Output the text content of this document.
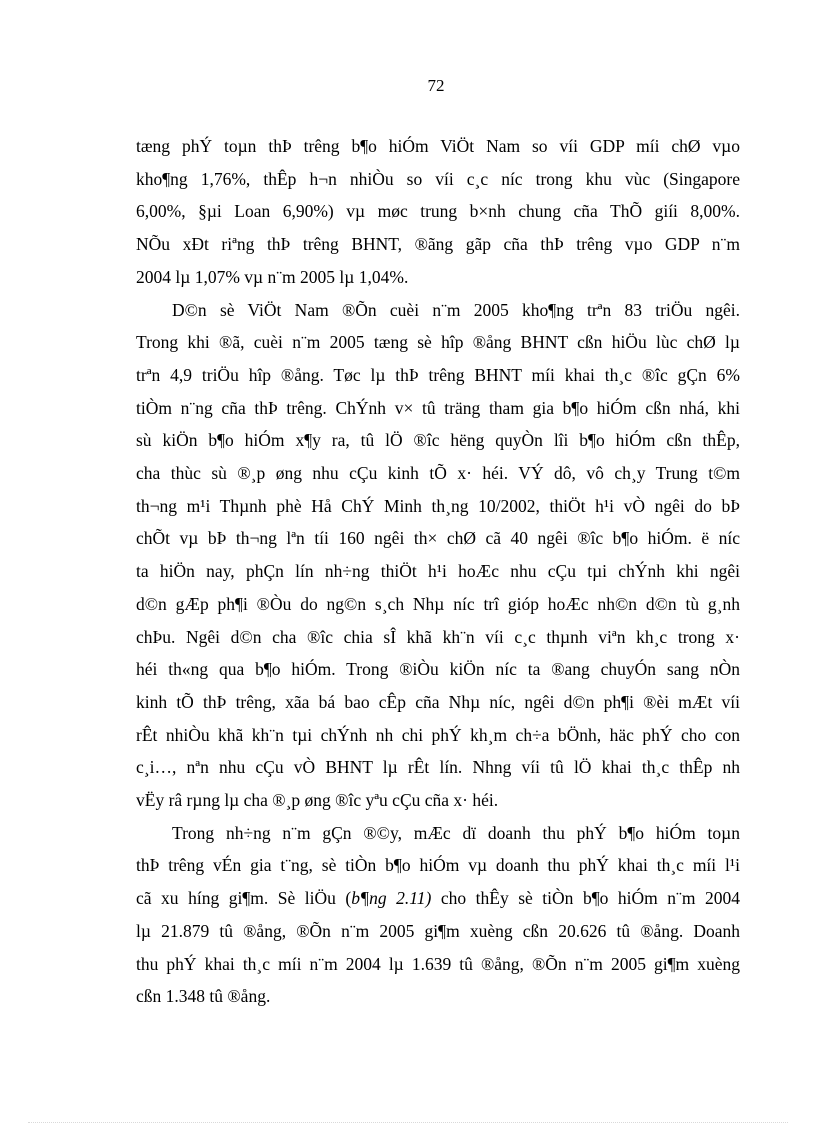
72

tæng phÝ toµn thÞ trêng b¶o hiÓm ViÖt Nam so víi GDP míi chØ vµo
kho¶ng 1,76%, thÊp h¬n nhiÒu so víi c¸c níc trong khu vùc (Singapore
6,00%, §µi Loan 6,90%) vµ møc trung b×nh chung cña ThÕ giíi 8,00%.
NÕu xÐt riªng thÞ trêng BHNT, ®ãng gãp cña thÞ trêng vµo GDP n¨m
2004 lµ 1,07% vµ n¨m 2005 lµ 1,04%.

D©n sè ViÖt Nam ®Õn cuèi n¨m 2005 kho¶ng trªn 83 triÖu ngêi.
Trong khi ®ã, cuèi n¨m 2005 tæng sè hîp ®ång BHNT cßn hiÖu lùc chØ lµ
trªn 4,9 triÖu hîp ®ång. Tøc lµ thÞ trêng BHNT míi khai th¸c ®îc gÇn 6%
tiÒm n¨ng cña thÞ trêng. ChÝnh v× tû träng tham gia b¶o hiÓm cßn nhá, khi
sù kiÖn b¶o hiÓm x¶y ra, tû lÖ ®îc hëng quyÒn lîi b¶o hiÓm cßn thÊp,
cha thùc sù ®¸p øng nhu cÇu kinh tÕ x· héi. VÝ dô, vô ch¸y Trung t©m
th¬ng m¹i Thµnh phè Hå ChÝ Minh th¸ng 10/2002, thiÖt h¹i vÒ ngêi do bÞ
chÕt vµ bÞ th¬ng lªn tíi 160 ngêi th× chØ cã 40 ngêi ®îc b¶o hiÓm. ë níc
ta hiÖn nay, phÇn lín nh÷ng thiÖt h¹i hoÆc nhu cÇu tµi chÝnh khi ngêi
d©n gÆp ph¶i ®Òu do ng©n s¸ch Nhµ níc trî gióp hoÆc nh©n d©n tù g¸nh
chÞu. Ngêi d©n cha ®îc chia sÎ khã kh¨n víi c¸c thµnh viªn kh¸c trong x·
héi th«ng qua b¶o hiÓm. Trong ®iÒu kiÖn níc ta ®ang chuyÓn sang nÒn
kinh tÕ thÞ trêng, xãa bá bao cÊp cña Nhµ níc, ngêi d©n ph¶i ®èi mÆt víi
rÊt nhiÒu khã kh¨n tµi chÝnh nh chi phÝ kh¸m ch÷a bÖnh, häc phÝ cho con
c¸i…, nªn nhu cÇu vÒ BHNT lµ rÊt lín. Nhng víi tû lÖ khai th¸c thÊp nh
vËy râ rµng lµ cha ®¸p øng ®îc yªu cÇu cña x· héi.

Trong nh÷ng n¨m gÇn ®©y, mÆc dï doanh thu phÝ b¶o hiÓm toµn
thÞ trêng vÉn gia t¨ng, sè tiÒn b¶o hiÓm vµ doanh thu phÝ khai th¸c míi l¹i
cã xu híng gi¶m. Sè liÖu (b¶ng 2.11) cho thÊy sè tiÒn b¶o hiÓm n¨m 2004
lµ 21.879 tû ®ång, ®Õn n¨m 2005 gi¶m xuèng cßn 20.626 tû ®ång. Doanh
thu phÝ khai th¸c míi n¨m 2004 lµ 1.639 tû ®ång, ®Õn n¨m 2005 gi¶m xuèng
cßn 1.348 tû ®ång.
